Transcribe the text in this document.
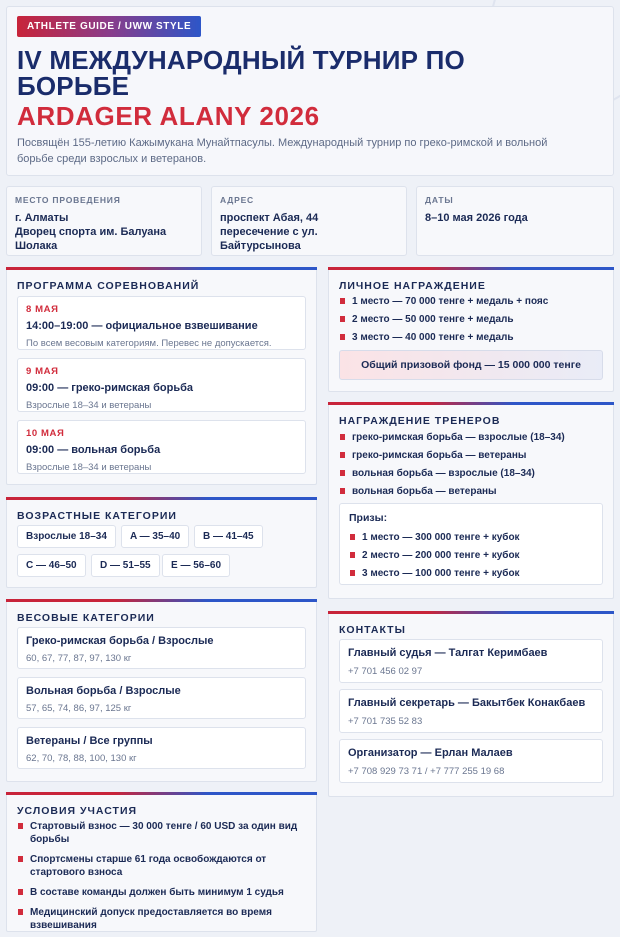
ATHLETE GUIDE / UWW STYLE
IV МЕЖДУНАРОДНЫЙ ТУРНИР ПО БОРЬБЕ
ARDAGER ALANY 2026
Посвящён 155-летию Кажымукана Мунайтпасулы. Международный турнир по греко-римской и вольной борьбе среди взрослых и ветеранов.
МЕСТО ПРОВЕДЕНИЯ
г. Алматы
Дворец спорта им. Балуана Шолака
АДРЕС
проспект Абая, 44
пересечение с ул. Байтурсынова
ДАТЫ
8–10 мая 2026 года
ПРОГРАММА СОРЕВНОВАНИЙ
8 МАЯ
14:00–19:00 — официальное взвешивание
По всем весовым категориям. Перевес не допускается.
9 МАЯ
09:00 — греко-римская борьба
Взрослые 18–34 и ветераны
10 МАЯ
09:00 — вольная борьба
Взрослые 18–34 и ветераны
ВОЗРАСТНЫЕ КАТЕГОРИИ
Взрослые 18–34	A — 35–40	B — 41–45
C — 46–50	D — 51–55	E — 56–60
ВЕСОВЫЕ КАТЕГОРИИ
Греко-римская борьба / Взрослые
60, 67, 77, 87, 97, 130 кг
Вольная борьба / Взрослые
57, 65, 74, 86, 97, 125 кг
Ветераны / Все группы
62, 70, 78, 88, 100, 130 кг
УСЛОВИЯ УЧАСТИЯ
Стартовый взнос — 30 000 тенге / 60 USD за один вид борьбы
Спортсмены старше 61 года освобождаются от стартового взноса
В составе команды должен быть минимум 1 судья
Медицинский допуск предоставляется во время взвешивания
ЛИЧНОЕ НАГРАЖДЕНИЕ
1 место — 70 000 тенге + медаль + пояс
2 место — 50 000 тенге + медаль
3 место — 40 000 тенге + медаль
Общий призовой фонд — 15 000 000 тенге
НАГРАЖДЕНИЕ ТРЕНЕРОВ
греко-римская борьба — взрослые (18–34)
греко-римская борьба — ветераны
вольная борьба — взрослые (18–34)
вольная борьба — ветераны
Призы:
1 место — 300 000 тенге + кубок
2 место — 200 000 тенге + кубок
3 место — 100 000 тенге + кубок
КОНТАКТЫ
Главный судья — Талгат Керимбаев
+7 701 456 02 97
Главный секретарь — Бакытбек Конакбаев
+7 701 735 52 83
Организатор — Ерлан Малаев
+7 708 929 73 71 / +7 777 255 19 68
